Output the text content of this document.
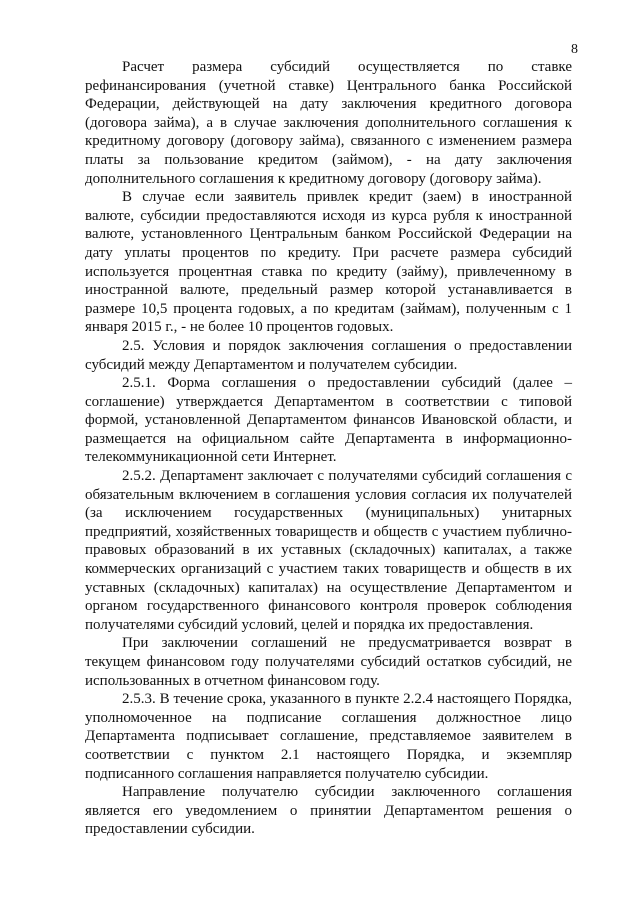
8

Расчет размера субсидий осуществляется по ставке рефинансирования (учетной ставке) Центрального банка Российской Федерации, действующей на дату заключения кредитного договора (договора займа), а в случае заключения дополнительного соглашения к кредитному договору (договору займа), связанного с изменением размера платы за пользование кредитом (займом), - на дату заключения дополнительного соглашения к кредитному договору (договору займа).

В случае если заявитель привлек кредит (заем) в иностранной валюте, субсидии предоставляются исходя из курса рубля к иностранной валюте, установленного Центральным банком Российской Федерации на дату уплаты процентов по кредиту. При расчете размера субсидий используется процентная ставка по кредиту (займу), привлеченному в иностранной валюте, предельный размер которой устанавливается в размере 10,5 процента годовых, а по кредитам (займам), полученным с 1 января 2015 г., - не более 10 процентов годовых.

2.5. Условия и порядок заключения соглашения о предоставлении субсидий между Департаментом и получателем субсидии.

2.5.1. Форма соглашения о предоставлении субсидий (далее – соглашение) утверждается Департаментом в соответствии с типовой формой, установленной Департаментом финансов Ивановской области, и размещается на официальном сайте Департамента в информационно-телекоммуникационной сети Интернет.

2.5.2. Департамент заключает с получателями субсидий соглашения с обязательным включением в соглашения условия согласия их получателей (за исключением государственных (муниципальных) унитарных предприятий, хозяйственных товариществ и обществ с участием публично-правовых образований в их уставных (складочных) капиталах, а также коммерческих организаций с участием таких товариществ и обществ в их уставных (складочных) капиталах) на осуществление Департаментом и органом государственного финансового контроля проверок соблюдения получателями субсидий условий, целей и порядка их предоставления.

При заключении соглашений не предусматривается возврат в текущем финансовом году получателями субсидий остатков субсидий, не использованных в отчетном финансовом году.

2.5.3. В течение срока, указанного в пункте 2.2.4 настоящего Порядка, уполномоченное на подписание соглашения должностное лицо Департамента подписывает соглашение, представляемое заявителем в соответствии с пунктом 2.1 настоящего Порядка, и экземпляр подписанного соглашения направляется получателю субсидии.

Направление получателю субсидии заключенного соглашения является его уведомлением о принятии Департаментом решения о предоставлении субсидии.
